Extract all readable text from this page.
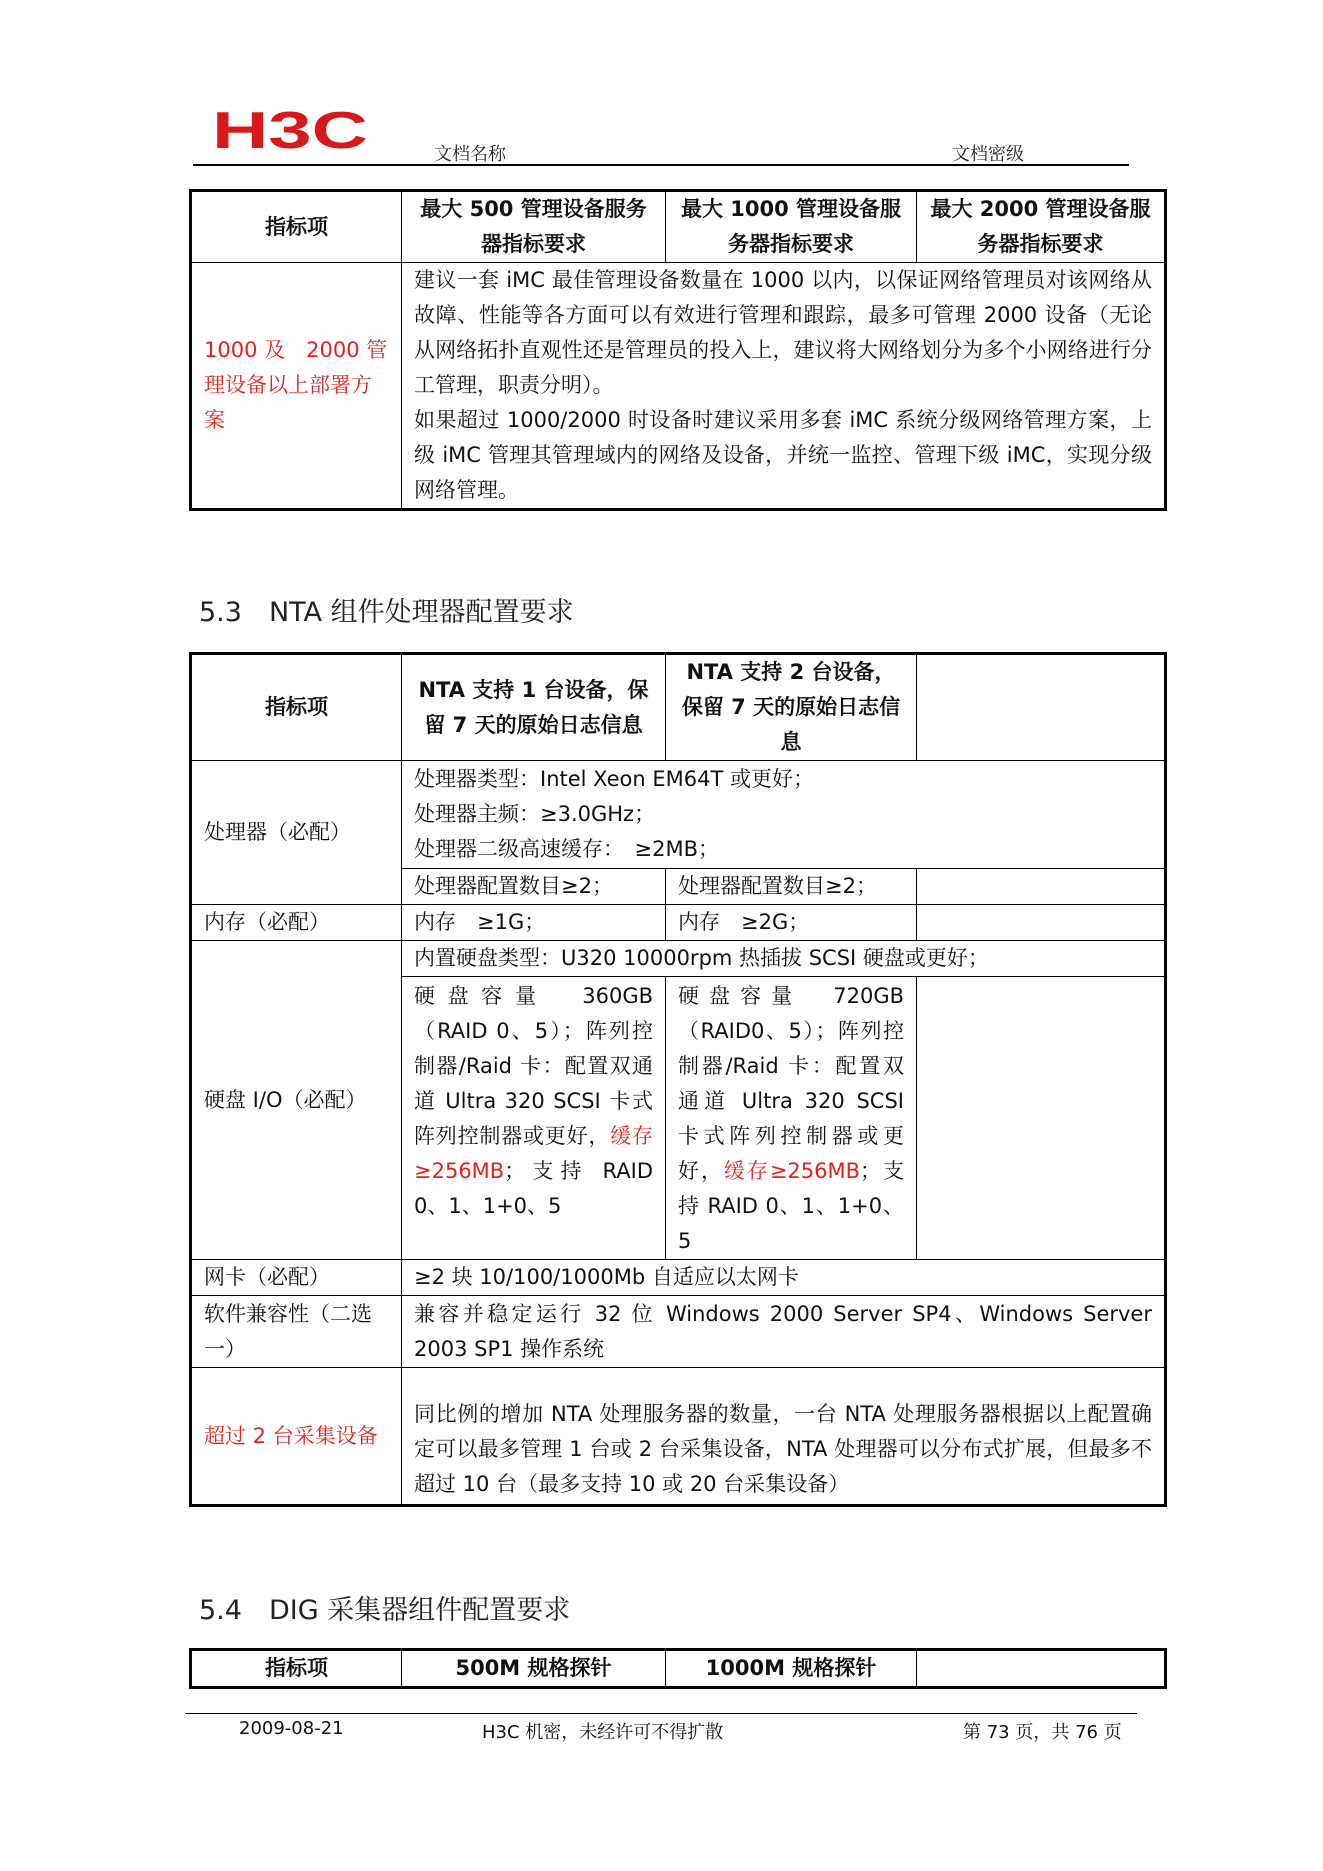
H3C	文档名称	文档密级
指标项	最大 500 管理设备服务器指标要求	最大 1000 管理设备服务器指标要求	最大 2000 管理设备服务器指标要求
1000 及　2000 管理设备以上部署方案	建议一套 iMC 最佳管理设备数量在 1000 以内，以保证网络管理员对该网络从故障、性能等各方面可以有效进行管理和跟踪，最多可管理 2000 设备（无论从网络拓扑直观性还是管理员的投入上，建议将大网络划分为多个小网络进行分工管理，职责分明）。
如果超过 1000/2000 时设备时建议采用多套 iMC 系统分级网络管理方案，上级 iMC 管理其管理域内的网络及设备，并统一监控、管理下级 iMC，实现分级网络管理。		
5.3　NTA 组件处理器配置要求
指标项	NTA 支持 1 台设备，保留 7 天的原始日志信息	NTA 支持 2 台设备，保留 7 天的原始日志信息	
处理器（必配）	处理器类型：Intel Xeon EM64T 或更好；
处理器主频：≥3.0GHz；
处理器二级高速缓存：　≥2MB；		

	处理器配置数目≥2；	处理器配置数目≥2；	
内存（必配）	内存　≥1G；	内存　≥2G；	
硬盘 I/O（必配）	内置硬盘类型：U320 10000rpm 热插拔 SCSI 硬盘或更好；		
	硬盘容量　360GB（RAID 0、5）；阵列控制器/Raid 卡：配置双通道 Ultra 320 SCSI 卡式阵列控制器或更好，缓存≥256MB；支持 RAID 0、1、1+0、5	硬盘容量　720GB（RAID0、5）；阵列控制器/Raid 卡：配置双通道 Ultra 320 SCSI 卡式阵列控制器或更好，缓存≥256MB；支持 RAID 0、1、1+0、5	
网卡（必配）	≥2 块 10/100/1000Mb 自适应以太网卡		
软件兼容性（二选一）	兼容并稳定运行 32 位 Windows 2000 Server SP4、Windows Server 2003 SP1 操作系统		
超过 2 台采集设备	同比例的增加 NTA 处理服务器的数量，一台 NTA 处理服务器根据以上配置确定可以最多管理 1 台或 2 台采集设备，NTA 处理器可以分布式扩展，但最多不超过 10 台（最多支持 10 或 20 台采集设备）		
5.4　DIG 采集器组件配置要求
指标项	500M 规格探针	1000M 规格探针	
2009-08-21	H3C 机密，未经许可不得扩散	第 73 页，共 76 页
